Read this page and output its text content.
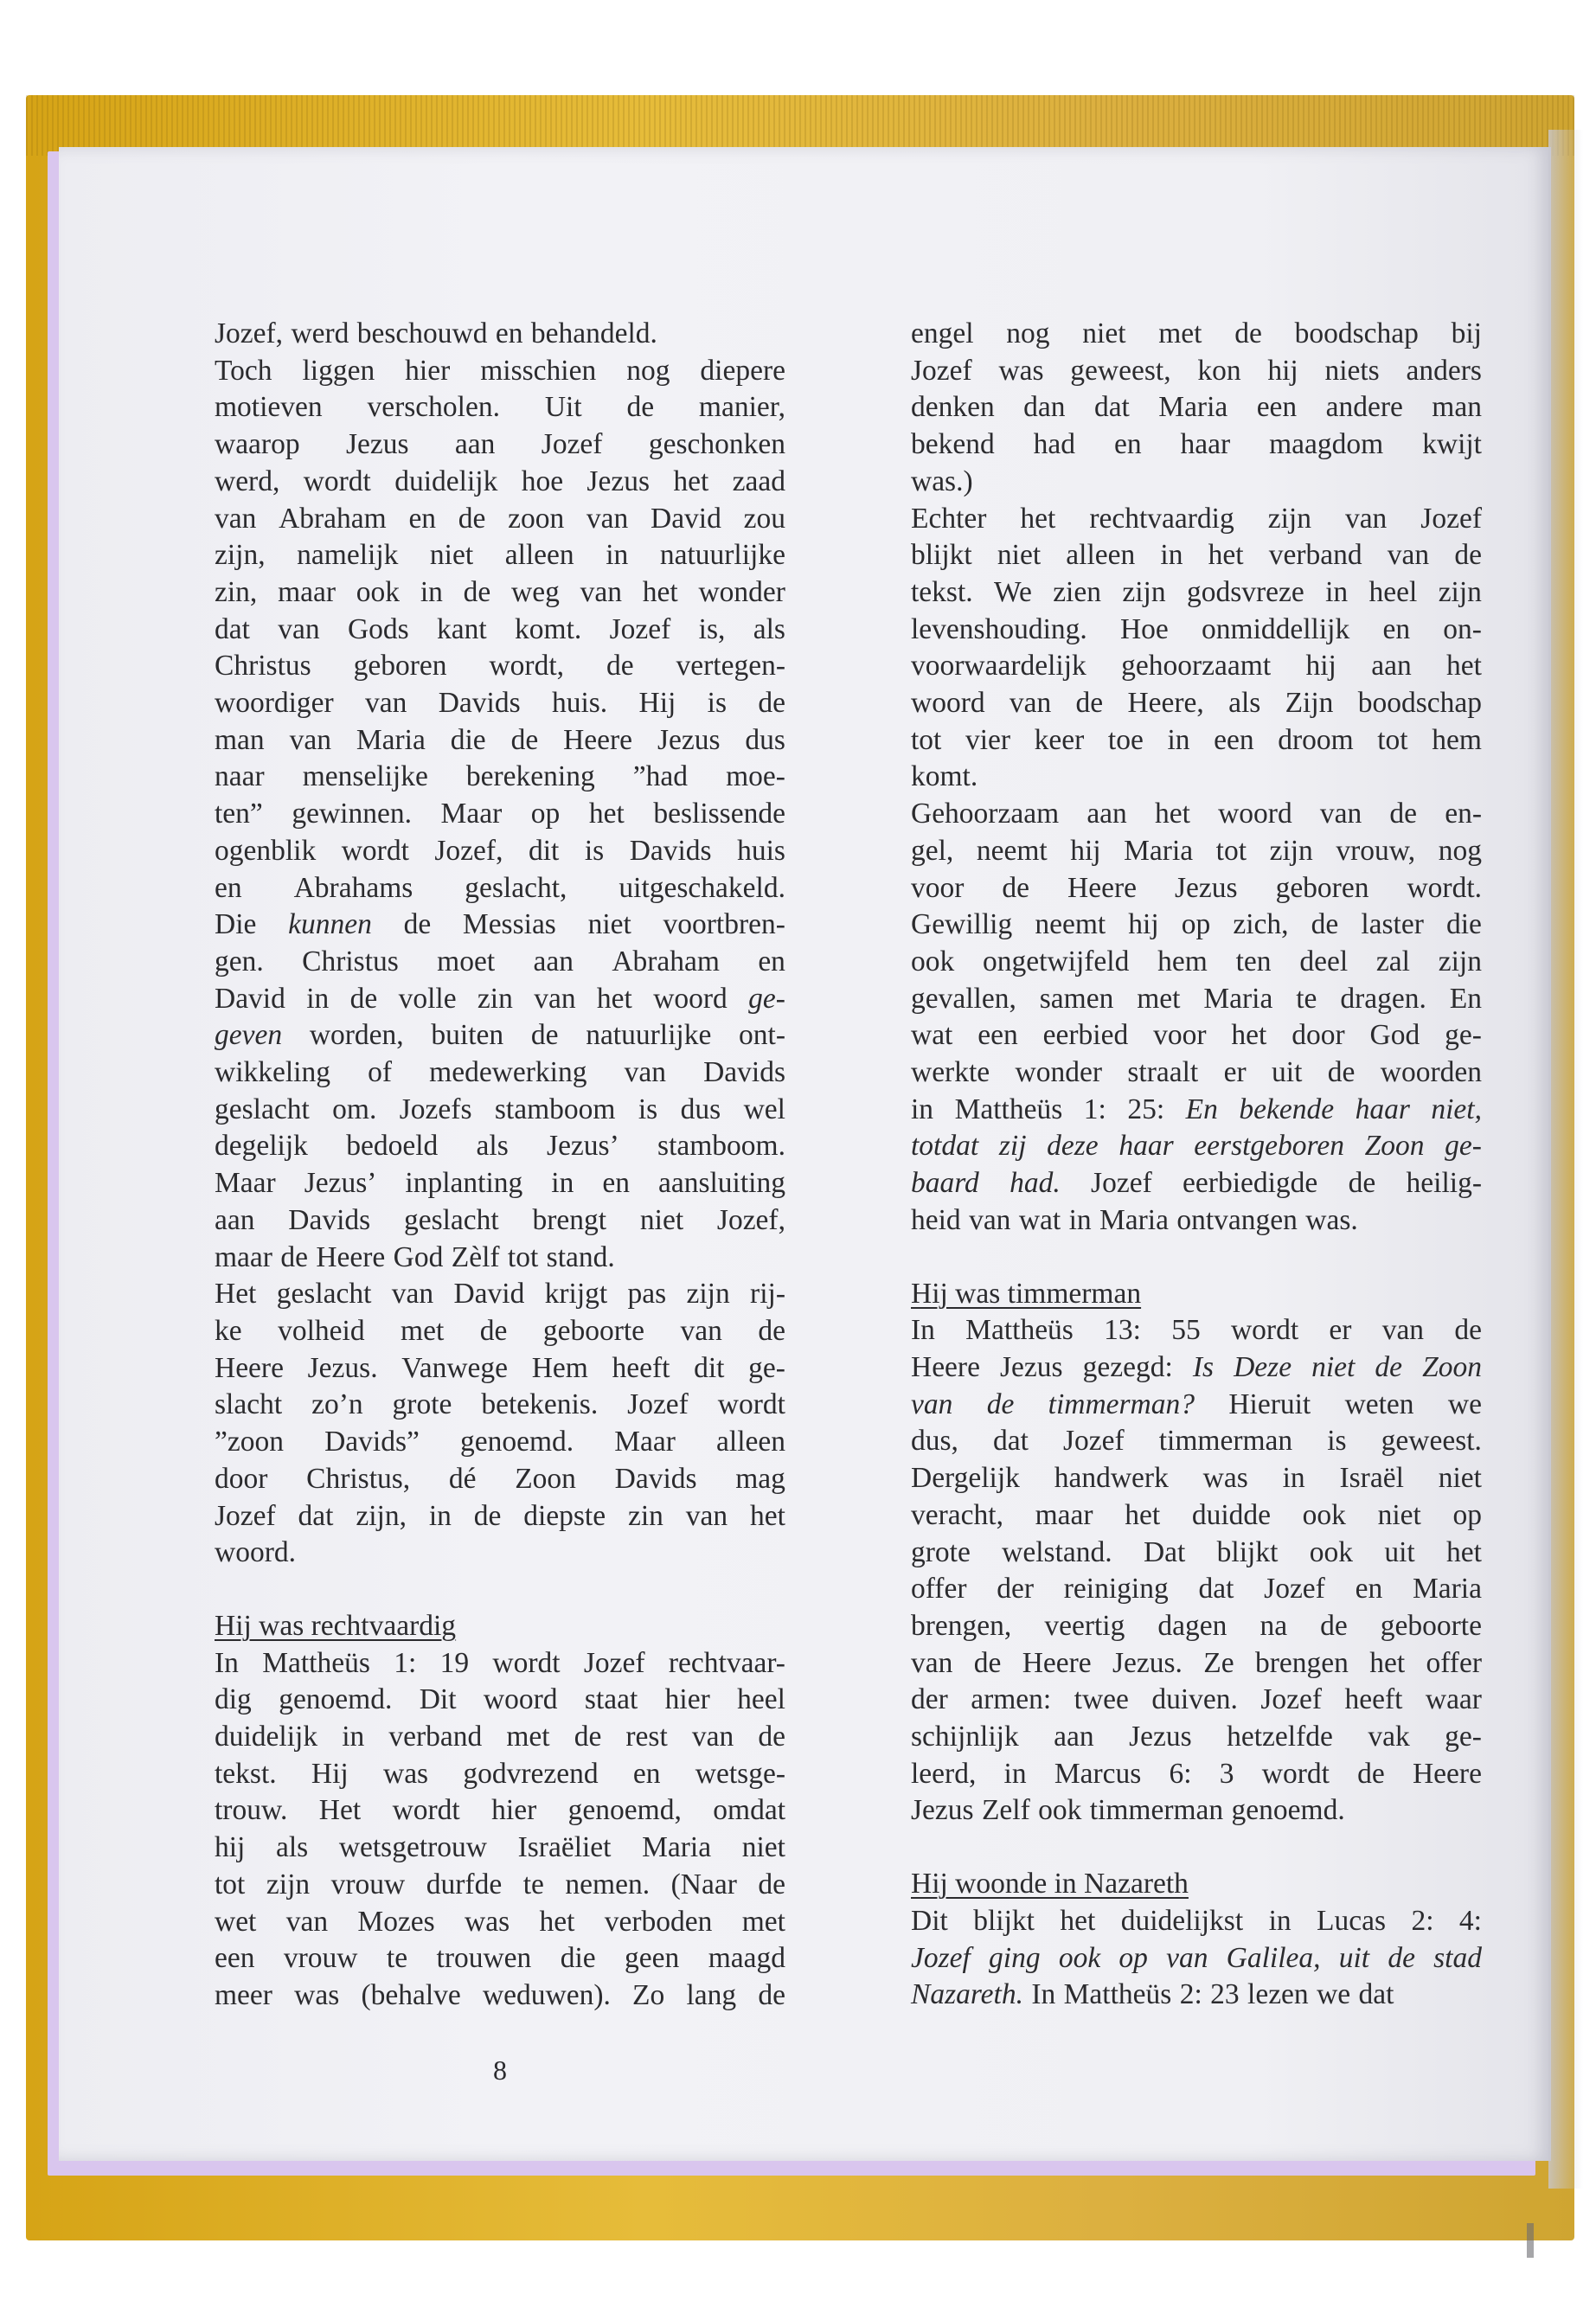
Jozef, werd beschouwd en behandeld.
Toch liggen hier misschien nog diepere
motieven verscholen. Uit de manier,
waarop Jezus aan Jozef geschonken
werd, wordt duidelijk hoe Jezus het zaad
van Abraham en de zoon van David zou
zijn, namelijk niet alleen in natuurlijke
zin, maar ook in de weg van het wonder
dat van Gods kant komt. Jozef is, als
Christus geboren wordt, de vertegen-
woordiger van Davids huis. Hij is de
man van Maria die de Heere Jezus dus
naar menselijke berekening ”had moe-
ten” gewinnen. Maar op het beslissende
ogenblik wordt Jozef, dit is Davids huis
en Abrahams geslacht, uitgeschakeld.
Die kunnen de Messias niet voortbren-
gen. Christus moet aan Abraham en
David in de volle zin van het woord ge-
geven worden, buiten de natuurlijke ont-
wikkeling of medewerking van Davids
geslacht om. Jozefs stamboom is dus wel
degelijk bedoeld als Jezus’ stamboom.
Maar Jezus’ inplanting in en aansluiting
aan Davids geslacht brengt niet Jozef,
maar de Heere God Zèlf tot stand.
Het geslacht van David krijgt pas zijn rij-
ke volheid met de geboorte van de
Heere Jezus. Vanwege Hem heeft dit ge-
slacht zo’n grote betekenis. Jozef wordt
”zoon Davids” genoemd. Maar alleen
door Christus, dé Zoon Davids mag
Jozef dat zijn, in de diepste zin van het
woord.
Hij was rechtvaardig
In Mattheüs 1: 19 wordt Jozef rechtvaar-
dig genoemd. Dit woord staat hier heel
duidelijk in verband met de rest van de
tekst. Hij was godvrezend en wetsge-
trouw. Het wordt hier genoemd, omdat
hij als wetsgetrouw Israëliet Maria niet
tot zijn vrouw durfde te nemen. (Naar de
wet van Mozes was het verboden met
een vrouw te trouwen die geen maagd
meer was (behalve weduwen). Zo lang de
engel nog niet met de boodschap bij
Jozef was geweest, kon hij niets anders
denken dan dat Maria een andere man
bekend had en haar maagdom kwijt
was.)
Echter het rechtvaardig zijn van Jozef
blijkt niet alleen in het verband van de
tekst. We zien zijn godsvreze in heel zijn
levenshouding. Hoe onmiddellijk en on-
voorwaardelijk gehoorzaamt hij aan het
woord van de Heere, als Zijn boodschap
tot vier keer toe in een droom tot hem
komt.
Gehoorzaam aan het woord van de en-
gel, neemt hij Maria tot zijn vrouw, nog
voor de Heere Jezus geboren wordt.
Gewillig neemt hij op zich, de laster die
ook ongetwijfeld hem ten deel zal zijn
gevallen, samen met Maria te dragen. En
wat een eerbied voor het door God ge-
werkte wonder straalt er uit de woorden
in Mattheüs 1: 25: En bekende haar niet,
totdat zij deze haar eerstgeboren Zoon ge-
baard had. Jozef eerbiedigde de heilig-
heid van wat in Maria ontvangen was.
Hij was timmerman
In Mattheüs 13: 55 wordt er van de
Heere Jezus gezegd: Is Deze niet de Zoon
van de timmerman? Hieruit weten we
dus, dat Jozef timmerman is geweest.
Dergelijk handwerk was in Israël niet
veracht, maar het duidde ook niet op
grote welstand. Dat blijkt ook uit het
offer der reiniging dat Jozef en Maria
brengen, veertig dagen na de geboorte
van de Heere Jezus. Ze brengen het offer
der armen: twee duiven. Jozef heeft waar
schijnlijk aan Jezus hetzelfde vak ge-
leerd, in Marcus 6: 3 wordt de Heere
Jezus Zelf ook timmerman genoemd.
Hij woonde in Nazareth
Dit blijkt het duidelijkst in Lucas 2: 4:
Jozef ging ook op van Galilea, uit de stad
Nazareth. In Mattheüs 2: 23 lezen we dat
8
